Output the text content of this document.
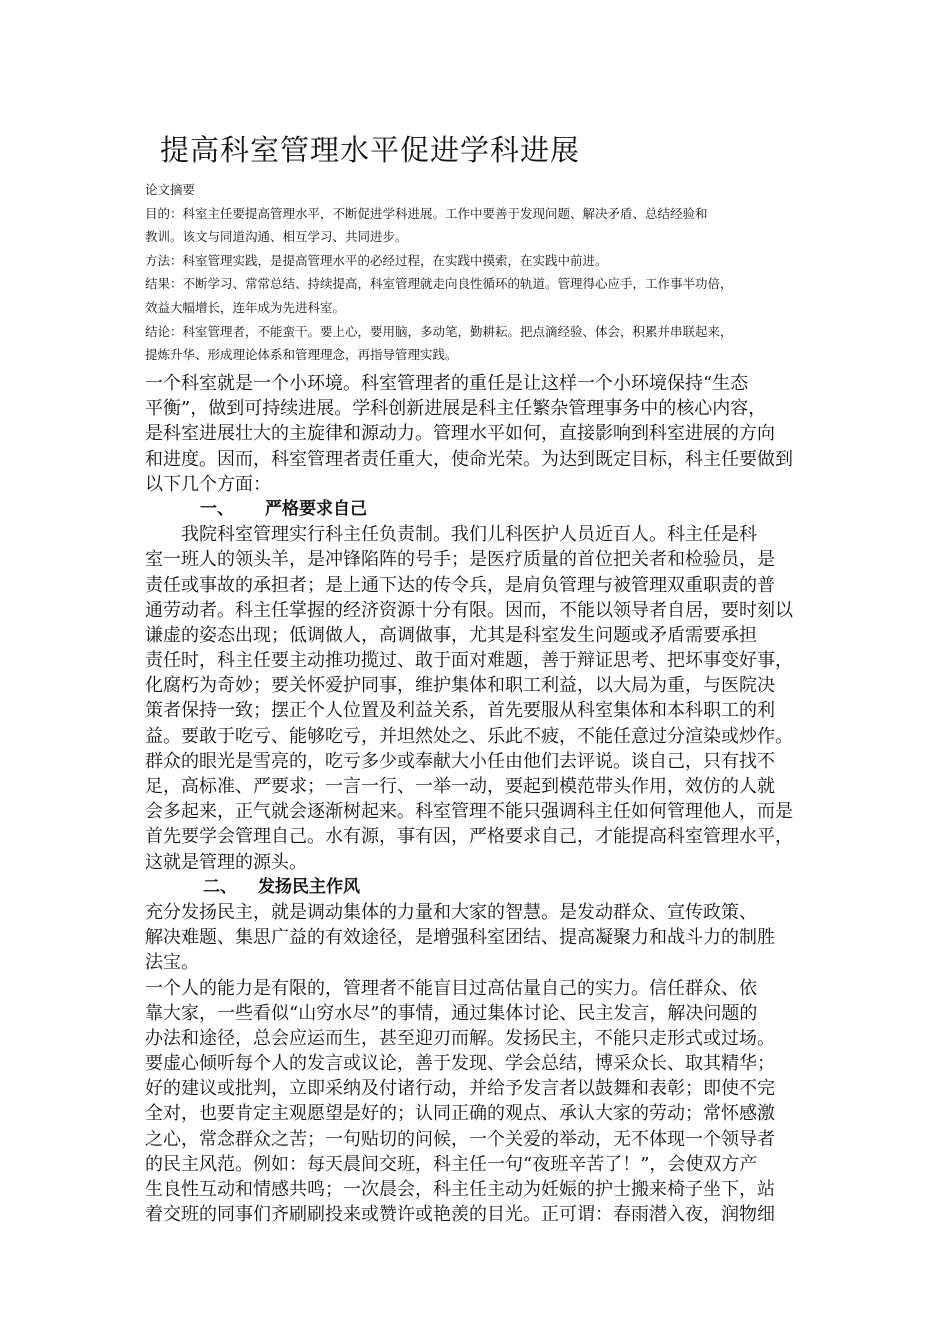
提高科室管理水平促进学科进展
论文摘要
目的：科室主任要提高管理水平，不断促进学科进展。工作中要善于发现问题、解决矛盾、总结经验和
教训。该文与同道沟通、相互学习、共同进步。
方法：科室管理实践，是提高管理水平的必经过程，在实践中摸索，在实践中前进。
结果：不断学习、常常总结、持续提高，科室管理就走向良性循环的轨道。管理得心应手，工作事半功倍，
效益大幅增长，连年成为先进科室。
结论：科室管理者，不能蛮干。要上心，要用脑，多动笔，勤耕耘。把点滴经验、体会，积累并串联起来，
提炼升华、形成理论体系和管理理念，再指导管理实践。
一个科室就是一个小环境。科室管理者的重任是让这样一个小环境保持“生态
平衡”，做到可持续进展。学科创新进展是科主任繁杂管理事务中的核心内容，
是科室进展壮大的主旋律和源动力。管理水平如何，直接影响到科室进展的方向
和进度。因而，科室管理者责任重大，使命光荣。为达到既定目标，科主任要做到
以下几个方面：
一、 严格要求自己
我院科室管理实行科主任负责制。我们儿科医护人员近百人。科主任是科
室一班人的领头羊，是冲锋陷阵的号手；是医疗质量的首位把关者和检验员，是
责任或事故的承担者；是上通下达的传令兵，是肩负管理与被管理双重职责的普
通劳动者。科主任掌握的经济资源十分有限。因而，不能以领导者自居，要时刻以
谦虚的姿态出现；低调做人，高调做事，尤其是科室发生问题或矛盾需要承担
责任时，科主任要主动推功揽过、敢于面对难题，善于辩证思考、把坏事变好事，
化腐朽为奇妙；要关怀爱护同事，维护集体和职工利益，以大局为重，与医院决
策者保持一致；摆正个人位置及利益关系，首先要服从科室集体和本科职工的利
益。要敢于吃亏、能够吃亏，并坦然处之、乐此不疲，不能任意过分渲染或炒作。
群众的眼光是雪亮的，吃亏多少或奉献大小任由他们去评说。谈自己，只有找不
足，高标准、严要求；一言一行、一举一动，要起到模范带头作用，效仿的人就
会多起来，正气就会逐渐树起来。科室管理不能只强调科主任如何管理他人，而是
首先要学会管理自己。水有源，事有因，严格要求自己，才能提高科室管理水平，
这就是管理的源头。
二、 发扬民主作风
充分发扬民主，就是调动集体的力量和大家的智慧。是发动群众、宣传政策、
解决难题、集思广益的有效途径，是增强科室团结、提高凝聚力和战斗力的制胜
法宝。
一个人的能力是有限的，管理者不能盲目过高估量自己的实力。信任群众、依
靠大家，一些看似“山穷水尽”的事情，通过集体讨论、民主发言，解决问题的
办法和途径，总会应运而生，甚至迎刃而解。发扬民主，不能只走形式或过场。
要虚心倾听每个人的发言或议论，善于发现、学会总结，博采众长、取其精华；
好的建议或批判，立即采纳及付诸行动，并给予发言者以鼓舞和表彰；即使不完
全对，也要肯定主观愿望是好的；认同正确的观点、承认大家的劳动；常怀感激
之心，常念群众之苦；一句贴切的问候，一个关爱的举动，无不体现一个领导者
的民主风范。例如：每天晨间交班，科主任一句“夜班辛苦了！”，会使双方产
生良性互动和情感共鸣；一次晨会，科主任主动为妊娠的护士搬来椅子坐下，站
着交班的同事们齐刷刷投来或赞许或艳羡的目光。正可谓：春雨潜入夜，润物细
